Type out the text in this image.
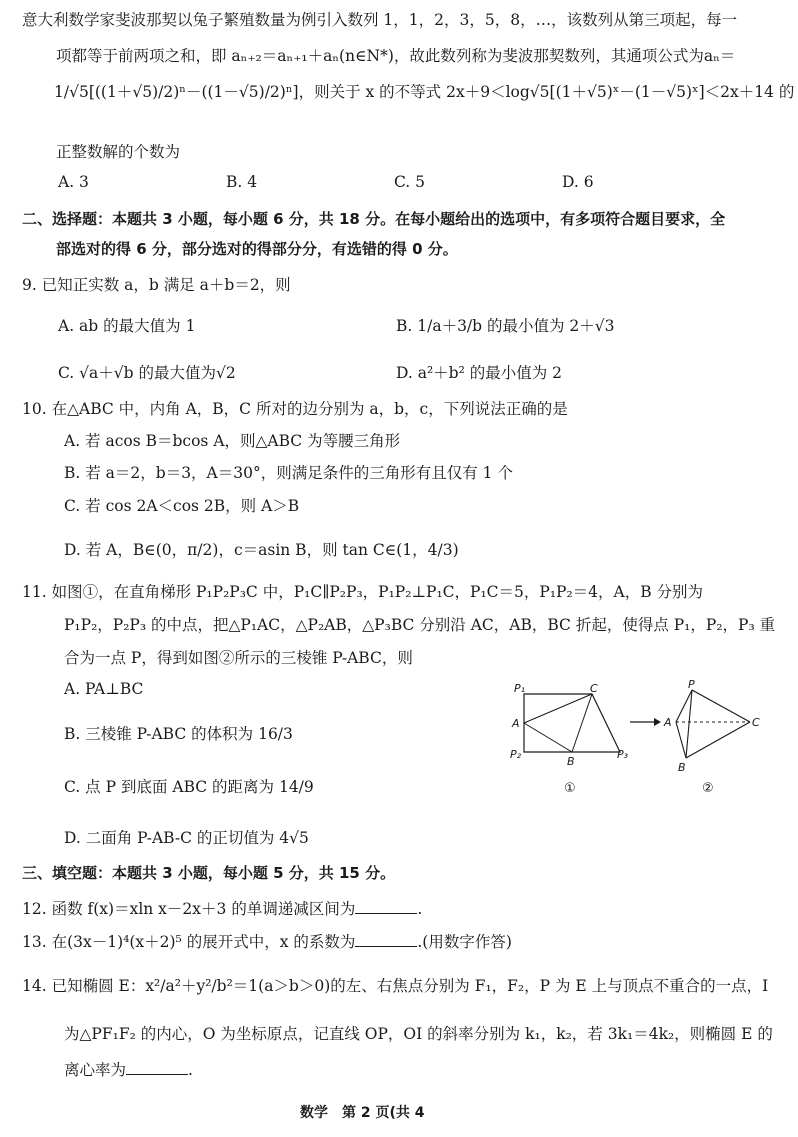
意大利数学家斐波那契以兔子繁殖数量为例引入数列 1，1，2，3，5，8，…，该数列从第三项起，每一
项都等于前两项之和，即 aₙ₊₂＝aₙ₊₁＋aₙ(n∈N*)，故此数列称为斐波那契数列，其通项公式为aₙ＝
1/√5[((1＋√5)/2)ⁿ－((1－√5)/2)ⁿ]，则关于 x 的不等式 2x＋9＜log√5[(1＋√5)ˣ－(1－√5)ˣ]＜2x＋14 的
正整数解的个数为
A. 3	B. 4	C. 5	D. 6
二、选择题：本题共 3 小题，每小题 6 分，共 18 分。在每小题给出的选项中，有多项符合题目要求，全
部选对的得 6 分，部分选对的得部分分，有选错的得 0 分。
9. 已知正实数 a，b 满足 a＋b＝2，则
A. ab 的最大值为 1	B. 1/a＋3/b 的最小值为 2＋√3
C. √a＋√b 的最大值为√2	D. a²＋b² 的最小值为 2
10. 在△ABC 中，内角 A，B，C 所对的边分别为 a，b，c，下列说法正确的是
A. 若 acos B＝bcos A，则△ABC 为等腰三角形
B. 若 a＝2，b＝3，A＝30°，则满足条件的三角形有且仅有 1 个
C. 若 cos 2A＜cos 2B，则 A＞B
D. 若 A，B∈(0，π/2)，c＝asin B，则 tan C∈(1，4/3)
11. 如图①，在直角梯形 P₁P₂P₃C 中，P₁C∥P₂P₃，P₁P₂⊥P₁C，P₁C＝5，P₁P₂＝4，A，B 分别为
P₁P₂，P₂P₃ 的中点，把△P₁AC，△P₂AB，△P₃BC 分别沿 AC，AB，BC 折起，使得点 P₁，P₂，P₃ 重
合为一点 P，得到如图②所示的三棱锥 P-ABC，则
A. PA⊥BC
B. 三棱锥 P-ABC 的体积为 16/3
C. 点 P 到底面 ABC 的距离为 14/9
D. 二面角 P-AB-C 的正切值为 4√5
P₁	C
A
P₂
B
P₃
①
P
A	C
B
②
三、填空题：本题共 3 小题，每小题 5 分，共 15 分。
12. 函数 f(x)＝xln x－2x＋3 的单调递减区间为	.
13. 在(3x－1)⁴(x＋2)⁵ 的展开式中，x 的系数为	.(用数字作答)
14. 已知椭圆 E：x²/a²＋y²/b²＝1(a＞b＞0)的左、右焦点分别为 F₁，F₂，P 为 E 上与顶点不重合的一点，I
为△PF₁F₂ 的内心，O 为坐标原点，记直线 OP，OI 的斜率分别为 k₁，k₂，若 3k₁＝4k₂，则椭圆 E 的
离心率为	.
数学　第 2 页(共 4
